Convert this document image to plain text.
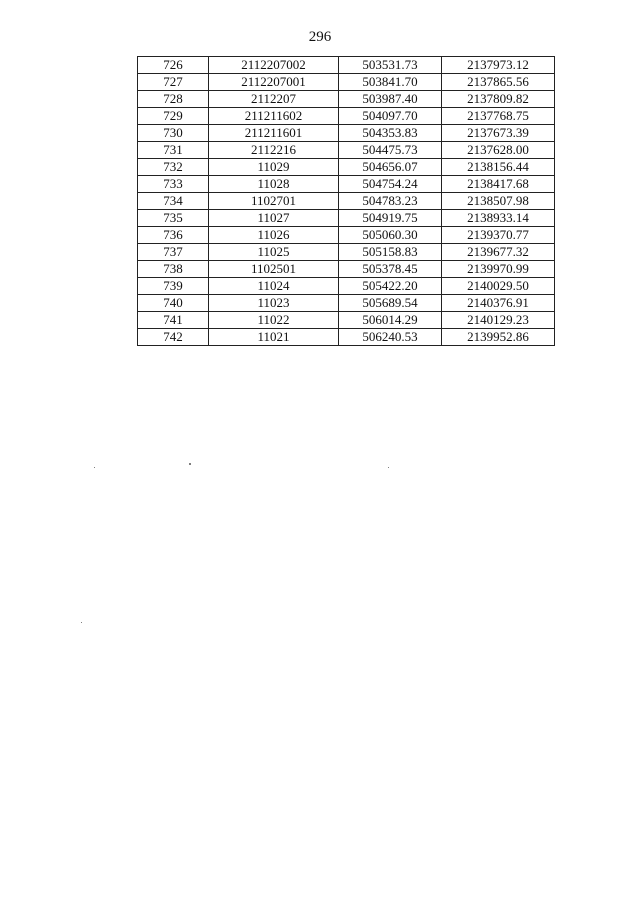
296
726	2112207002	503531.73	2137973.12
727	2112207001	503841.70	2137865.56
728	2112207	503987.40	2137809.82
729	211211602	504097.70	2137768.75
730	211211601	504353.83	2137673.39
731	2112216	504475.73	2137628.00
732	11029	504656.07	2138156.44
733	11028	504754.24	2138417.68
734	1102701	504783.23	2138507.98
735	11027	504919.75	2138933.14
736	11026	505060.30	2139370.77
737	11025	505158.83	2139677.32
738	1102501	505378.45	2139970.99
739	11024	505422.20	2140029.50
740	11023	505689.54	2140376.91
741	11022	506014.29	2140129.23
742	11021	506240.53	2139952.86
